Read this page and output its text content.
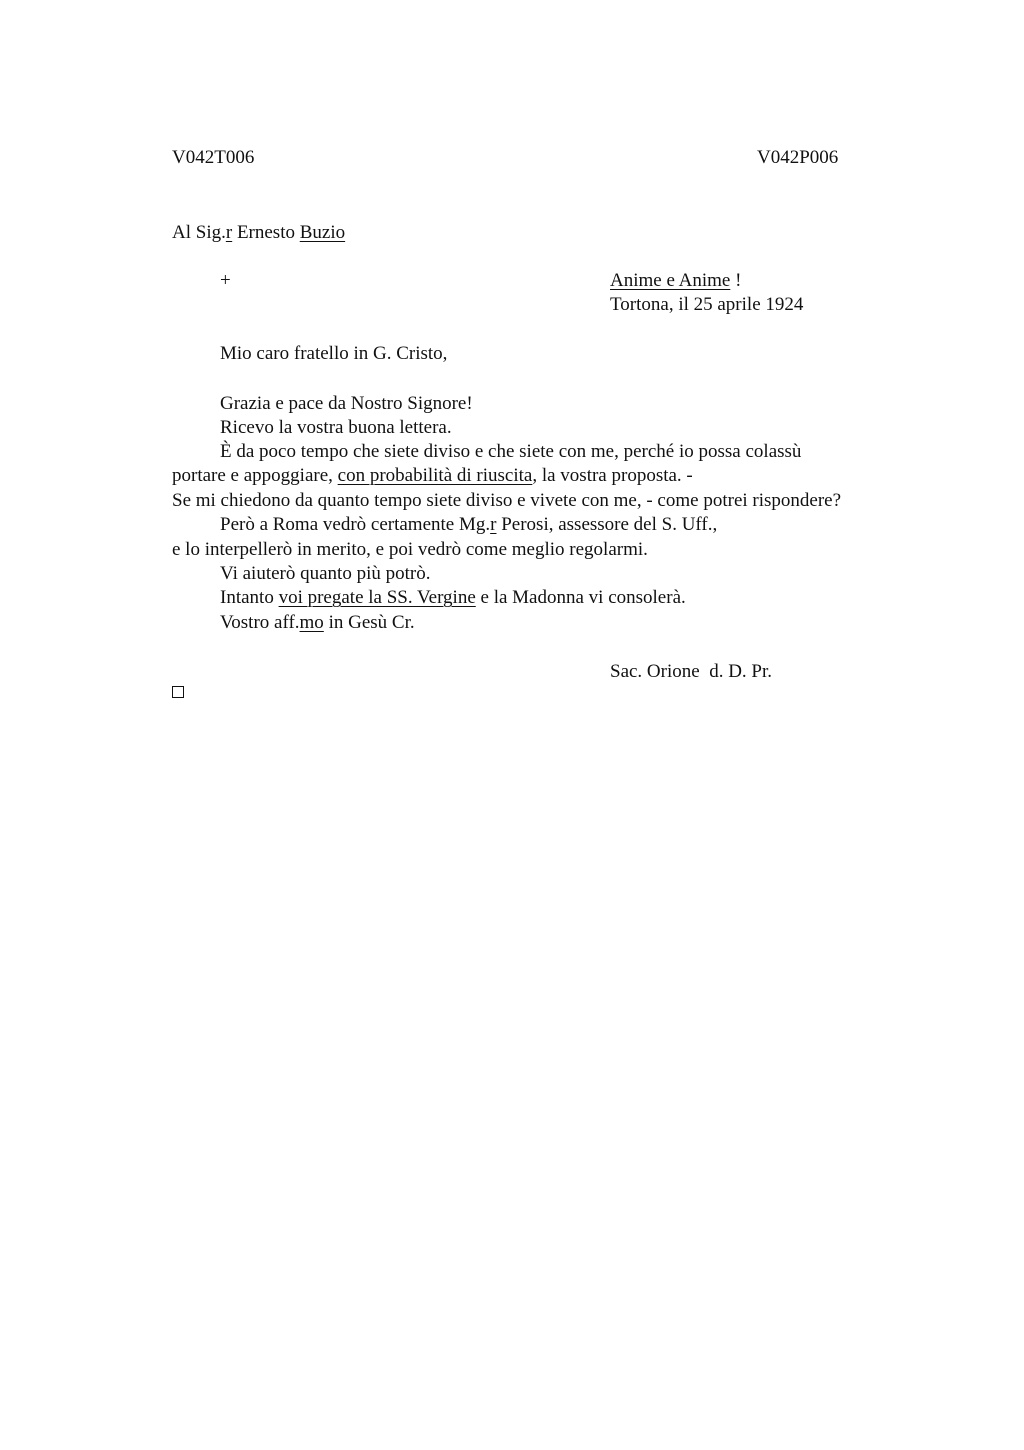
V042T006	V042P006
Al Sig.r Ernesto Buzio
+	Anime e Anime !
Tortona, il 25 aprile 1924
Mio caro fratello in G. Cristo,
Grazia e pace da Nostro Signore!
Ricevo la vostra buona lettera.
È da poco tempo che siete diviso e che siete con me, perché io possa colassù
portare e appoggiare, con probabilità di riuscita, la vostra proposta. -
Se mi chiedono da quanto tempo siete diviso e vivete con me, - come potrei rispondere?
Però a Roma vedrò certamente Mg.r Perosi, assessore del S. Uff.,
e lo interpellerò in merito, e poi vedrò come meglio regolarmi.
Vi aiuterò quanto più potrò.
Intanto voi pregate la SS. Vergine e la Madonna vi consolerà.
Vostro aff.mo in Gesù Cr.
Sac. Orione  d. D. Pr.
